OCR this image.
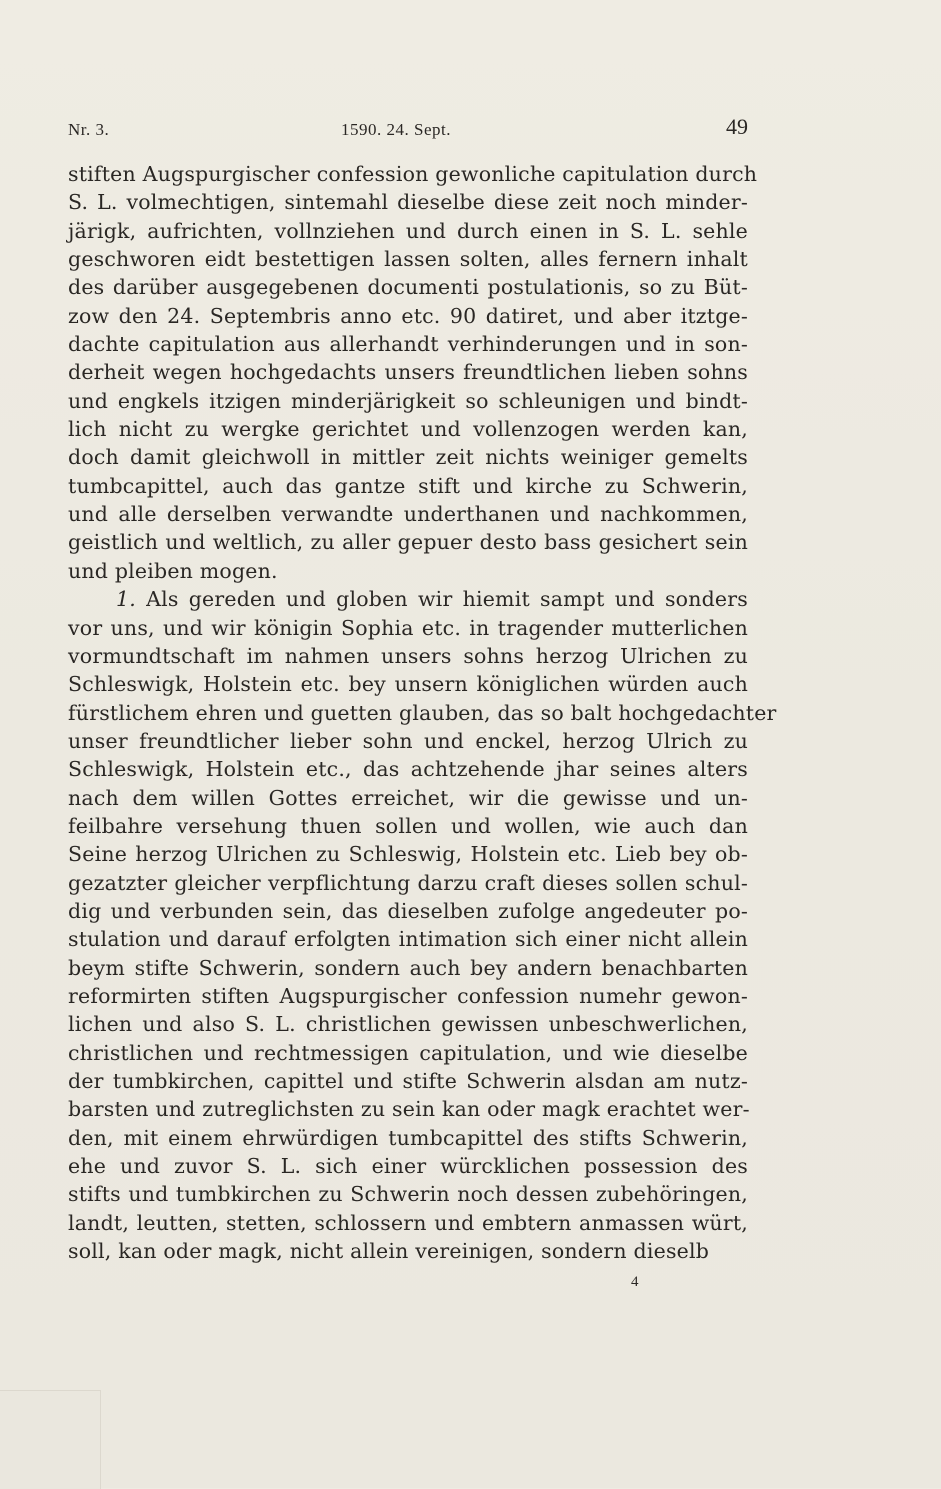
Nr. 3.	1590. 24. Sept.	49
stiften Augspurgischer confession gewonliche capitulation durch
S. L. volmechtigen, sintemahl dieselbe diese zeit noch minder-
järigk, aufrichten, vollnziehen und durch einen in S. L. sehle
geschworen eidt bestettigen lassen solten, alles fernern inhalt
des darüber ausgegebenen documenti postulationis, so zu Büt-
zow den 24. Septembris anno etc. 90 datiret, und aber itztge-
dachte capitulation aus allerhandt verhinderungen und in son-
derheit wegen hochgedachts unsers freundtlichen lieben sohns
und engkels itzigen minderjärigkeit so schleunigen und bindt-
lich nicht zu wergke gerichtet und vollenzogen werden kan,
doch damit gleichwoll in mittler zeit nichts weiniger gemelts
tumbcapittel, auch das gantze stift und kirche zu Schwerin,
und alle derselben verwandte underthanen und nachkommen,
geistlich und weltlich, zu aller gepuer desto bass gesichert sein
und pleiben mogen.
1. Als gereden und globen wir hiemit sampt und sonders
vor uns, und wir königin Sophia etc. in tragender mutterlichen
vormundtschaft im nahmen unsers sohns herzog Ulrichen zu
Schleswigk, Holstein etc. bey unsern königlichen würden auch
fürstlichem ehren und guetten glauben, das so balt hochgedachter
unser freundtlicher lieber sohn und enckel, herzog Ulrich zu
Schleswigk, Holstein etc., das achtzehende jhar seines alters
nach dem willen Gottes erreichet, wir die gewisse und un-
feilbahre versehung thuen sollen und wollen, wie auch dan
Seine herzog Ulrichen zu Schleswig, Holstein etc. Lieb bey ob-
gezatzter gleicher verpflichtung darzu craft dieses sollen schul-
dig und verbunden sein, das dieselben zufolge angedeuter po-
stulation und darauf erfolgten intimation sich einer nicht allein
beym stifte Schwerin, sondern auch bey andern benachbarten
reformirten stiften Augspurgischer confession numehr gewon-
lichen und also S. L. christlichen gewissen unbeschwerlichen,
christlichen und rechtmessigen capitulation, und wie dieselbe
der tumbkirchen, capittel und stifte Schwerin alsdan am nutz-
barsten und zutreglichsten zu sein kan oder magk erachtet wer-
den, mit einem ehrwürdigen tumbcapittel des stifts Schwerin,
ehe und zuvor S. L. sich einer würcklichen possession des
stifts und tumbkirchen zu Schwerin noch dessen zubehöringen,
landt, leutten, stetten, schlossern und embtern anmassen würt,
soll, kan oder magk, nicht allein vereinigen, sondern dieselb
4
